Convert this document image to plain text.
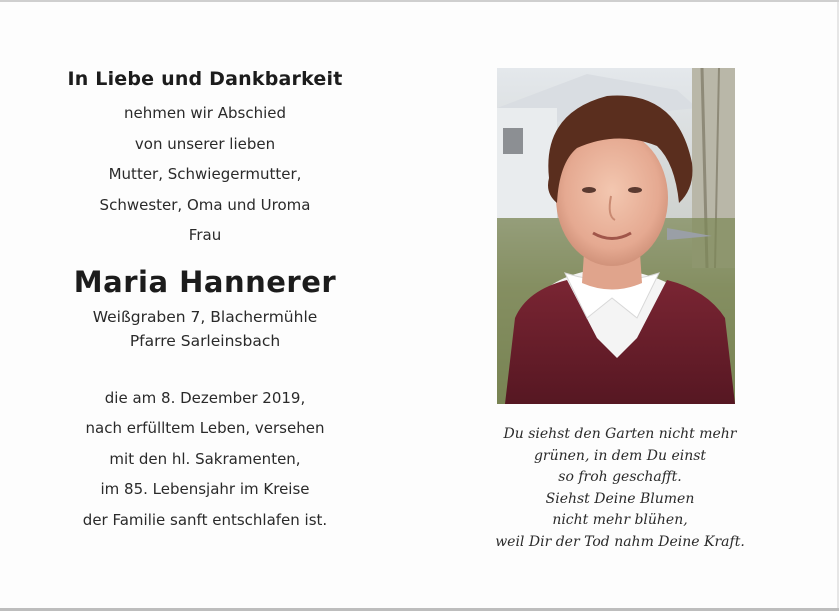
In Liebe und Dankbarkeit

nehmen wir Abschied

von unserer lieben

Mutter, Schwiegermutter,

Schwester, Oma und Uroma

Frau

Maria Hannerer

Weißgraben 7, Blachermühle

Pfarre Sarleinsbach

die am 8. Dezember 2019,

nach erfülltem Leben, versehen

mit den hl. Sakramenten,

im 85. Lebensjahr im Kreise

der Familie sanft entschlafen ist.

Du siehst den Garten nicht mehr

grünen, in dem Du einst

so froh geschafft.

Siehst Deine Blumen

nicht mehr blühen,

weil Dir der Tod nahm Deine Kraft.
